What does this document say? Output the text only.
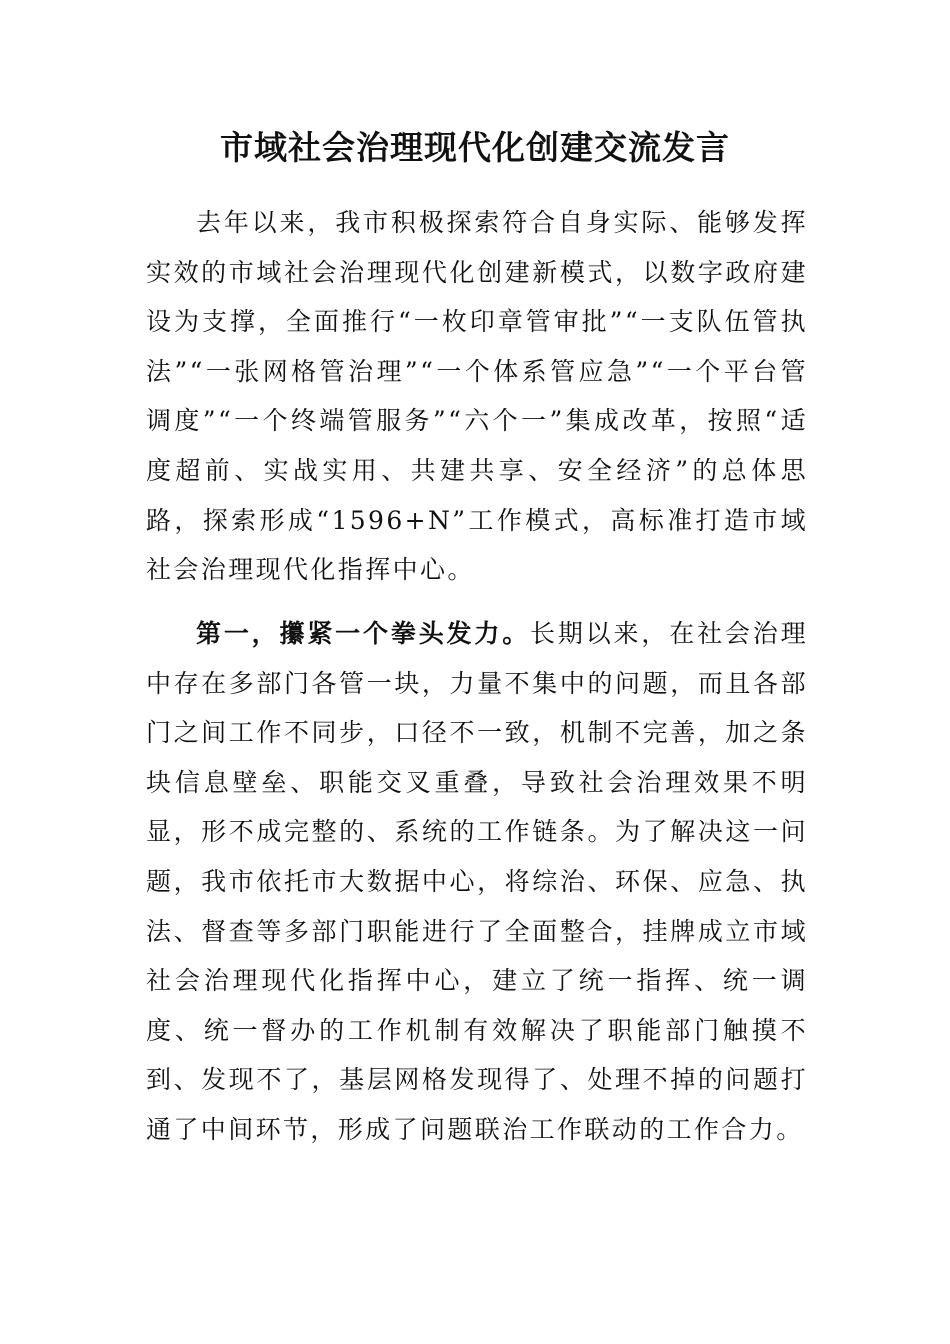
市域社会治理现代化创建交流发言

去年以来，我市积极探索符合自身实际、能够发挥实效的市域社会治理现代化创建新模式，以数字政府建设为支撑，全面推行“一枚印章管审批”“一支队伍管执法”“一张网格管治理”“一个体系管应急”“一个平台管调度”“一个终端管服务”“六个一”集成改革，按照“适度超前、实战实用、共建共享、安全经济”的总体思路，探索形成“1596+N”工作模式，高标准打造市域社会治理现代化指挥中心。

第一，攥紧一个拳头发力。长期以来，在社会治理中存在多部门各管一块，力量不集中的问题，而且各部门之间工作不同步，口径不一致，机制不完善，加之条块信息壁垒、职能交叉重叠，导致社会治理效果不明显，形不成完整的、系统的工作链条。为了解决这一问题，我市依托市大数据中心，将综治、环保、应急、执法、督查等多部门职能进行了全面整合，挂牌成立市域社会治理现代化指挥中心，建立了统一指挥、统一调度、统一督办的工作机制有效解决了职能部门触摸不到、发现不了，基层网格发现得了、处理不掉的问题打通了中间环节，形成了问题联治工作联动的工作合力。
